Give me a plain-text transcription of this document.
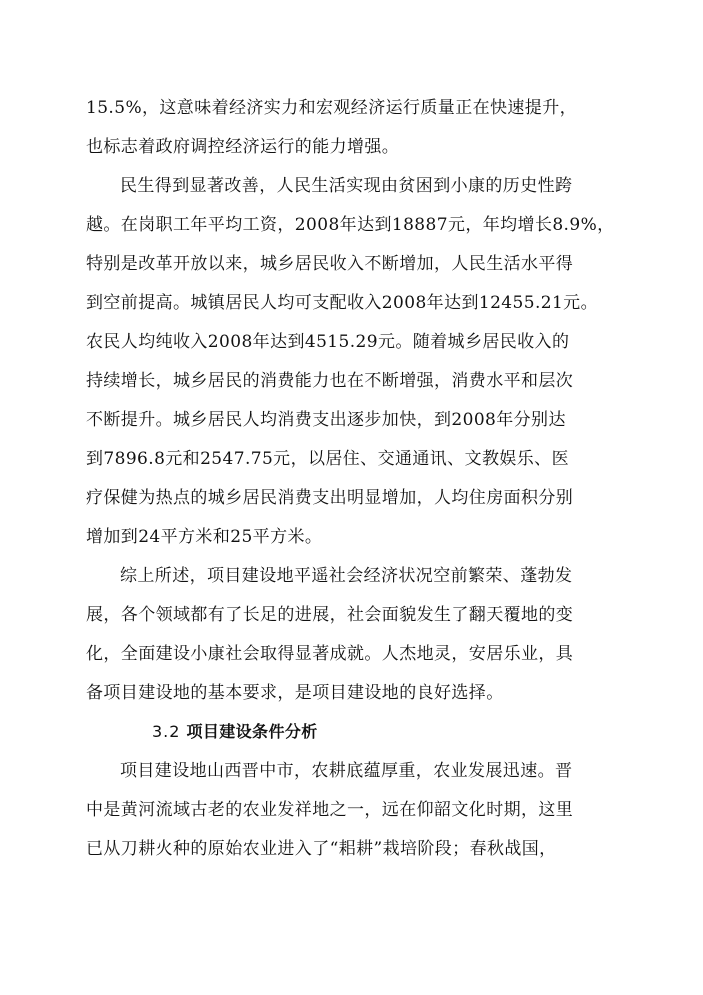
15.5%，这意味着经济实力和宏观经济运行质量正在快速提升，
也标志着政府调控经济运行的能力增强。
民生得到显著改善，人民生活实现由贫困到小康的历史性跨
越。在岗职工年平均工资，2008年达到18887元，年均增长8.9%，
特别是改革开放以来，城乡居民收入不断增加，人民生活水平得
到空前提高。城镇居民人均可支配收入2008年达到12455.21元。
农民人均纯收入2008年达到4515.29元。随着城乡居民收入的
持续增长，城乡居民的消费能力也在不断增强，消费水平和层次
不断提升。城乡居民人均消费支出逐步加快，到2008年分别达
到7896.8元和2547.75元，以居住、交通通讯、文教娱乐、医
疗保健为热点的城乡居民消费支出明显增加，人均住房面积分别
增加到24平方米和25平方米。
综上所述，项目建设地平遥社会经济状况空前繁荣、蓬勃发
展，各个领域都有了长足的进展，社会面貌发生了翻天覆地的变
化，全面建设小康社会取得显著成就。人杰地灵，安居乐业，具
备项目建设地的基本要求，是项目建设地的良好选择。
3.2 项目建设条件分析
项目建设地山西晋中市，农耕底蕴厚重，农业发展迅速。晋
中是黄河流域古老的农业发祥地之一，远在仰韶文化时期，这里
已从刀耕火种的原始农业进入了“耜耕”栽培阶段；春秋战国，
